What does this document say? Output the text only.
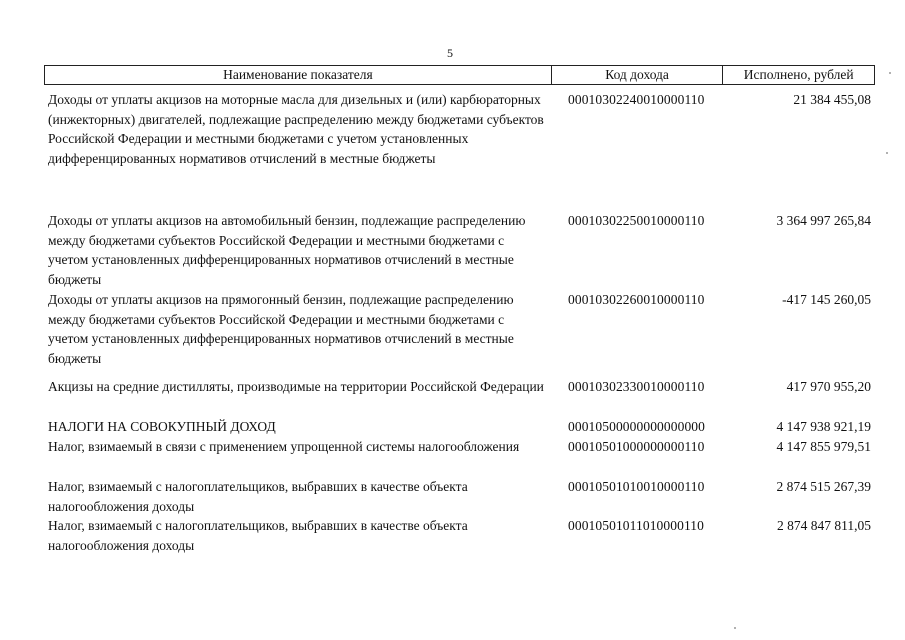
5
Наименование показателя	Код дохода	Исполнено, рублей
Доходы от уплаты акцизов на моторные масла для дизельных и (или) карбюраторных (инжекторных) двигателей, подлежащие распределению между бюджетами субъектов Российской Федерации и местными бюджетами с учетом установленных дифференцированных нормативов отчислений в местные бюджеты
00010302240010000110	21 384 455,08
Доходы от уплаты акцизов на автомобильный бензин, подлежащие распределению между бюджетами субъектов Российской Федерации и местными бюджетами с учетом установленных дифференцированных нормативов отчислений в местные бюджеты
00010302250010000110	3 364 997 265,84
Доходы от уплаты акцизов на прямогонный бензин, подлежащие распределению между бюджетами субъектов Российской Федерации и местными бюджетами с учетом установленных дифференцированных нормативов отчислений в местные бюджеты
00010302260010000110	-417 145 260,05
Акцизы на средние дистилляты, производимые на территории Российской Федерации	00010302330010000110	417 970 955,20
НАЛОГИ НА СОВОКУПНЫЙ ДОХОД	00010500000000000000	4 147 938 921,19
Налог, взимаемый в связи с применением упрощенной системы налогообложения	00010501000000000110	4 147 855 979,51
Налог, взимаемый с налогоплательщиков, выбравших в качестве объекта налогообложения доходы
00010501010010000110	2 874 515 267,39
Налог, взимаемый с налогоплательщиков, выбравших в качестве объекта налогообложения доходы
00010501011010000110	2 874 847 811,05
